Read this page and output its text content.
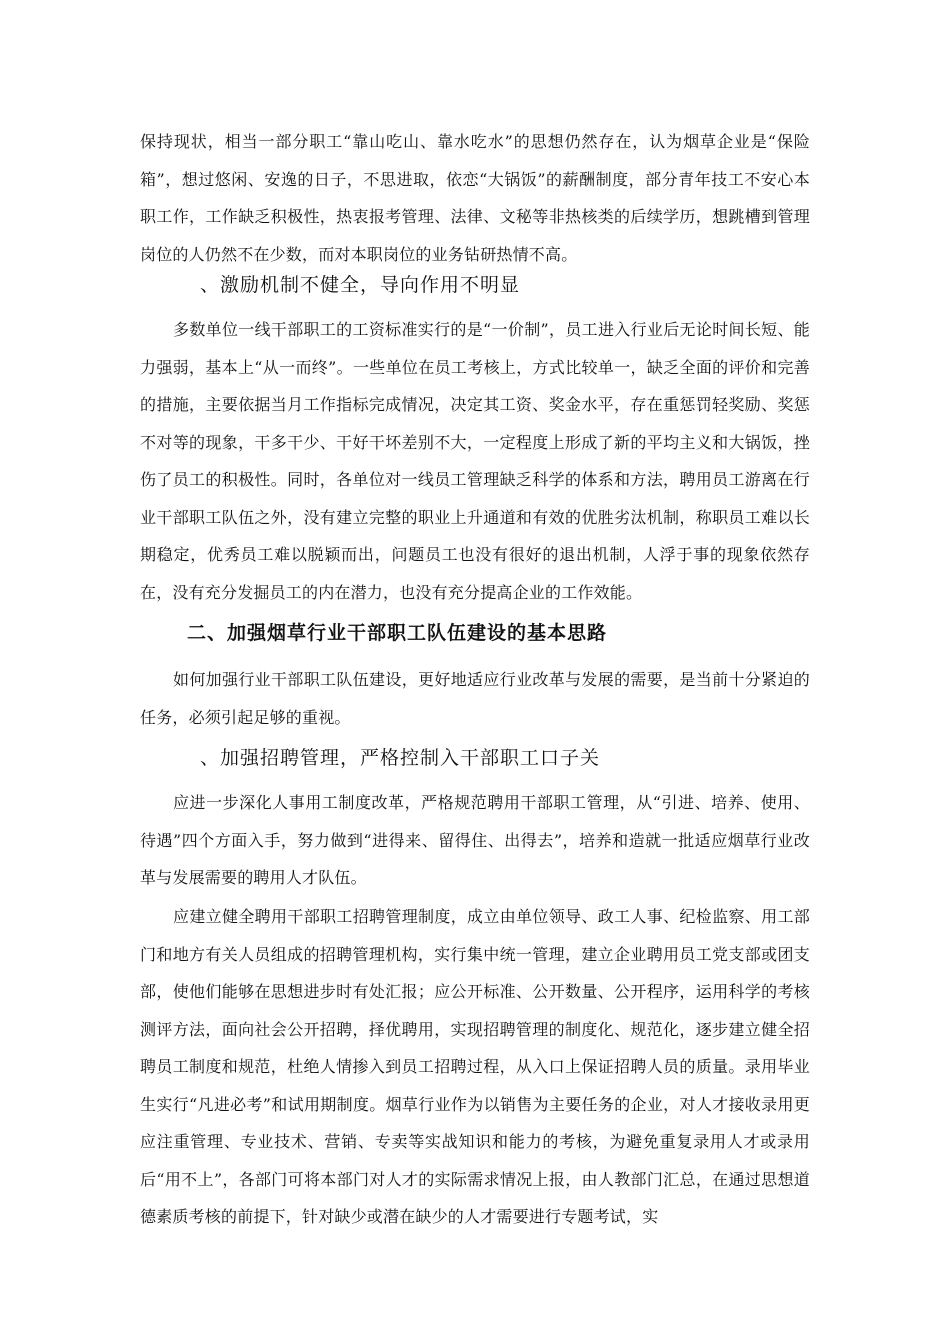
保持现状，相当一部分职工“靠山吃山、靠水吃水”的思想仍然存在，认为烟草企业是“保险箱”，想过悠闲、安逸的日子，不思进取，依恋“大锅饭”的薪酬制度，部分青年技工不安心本职工作，工作缺乏积极性，热衷报考管理、法律、文秘等非热核类的后续学历，想跳槽到管理岗位的人仍然不在少数，而对本职岗位的业务钻研热情不高。

、激励机制不健全，导向作用不明显

多数单位一线干部职工的工资标准实行的是“一价制”，员工进入行业后无论时间长短、能力强弱，基本上“从一而终”。一些单位在员工考核上，方式比较单一，缺乏全面的评价和完善的措施，主要依据当月工作指标完成情况，决定其工资、奖金水平，存在重惩罚轻奖励、奖惩不对等的现象，干多干少、干好干坏差别不大，一定程度上形成了新的平均主义和大锅饭，挫伤了员工的积极性。同时，各单位对一线员工管理缺乏科学的体系和方法，聘用员工游离在行业干部职工队伍之外，没有建立完整的职业上升通道和有效的优胜劣汰机制，称职员工难以长期稳定，优秀员工难以脱颖而出，问题员工也没有很好的退出机制，人浮于事的现象依然存在，没有充分发掘员工的内在潜力，也没有充分提高企业的工作效能。

二、加强烟草行业干部职工队伍建设的基本思路

如何加强行业干部职工队伍建设，更好地适应行业改革与发展的需要，是当前十分紧迫的任务，必须引起足够的重视。

、加强招聘管理，严格控制入干部职工口子关

应进一步深化人事用工制度改革，严格规范聘用干部职工管理，从“引进、培养、使用、待遇”四个方面入手，努力做到“进得来、留得住、出得去”，培养和造就一批适应烟草行业改革与发展需要的聘用人才队伍。

应建立健全聘用干部职工招聘管理制度，成立由单位领导、政工人事、纪检监察、用工部门和地方有关人员组成的招聘管理机构，实行集中统一管理，建立企业聘用员工党支部或团支部，使他们能够在思想进步时有处汇报；应公开标准、公开数量、公开程序，运用科学的考核测评方法，面向社会公开招聘，择优聘用，实现招聘管理的制度化、规范化，逐步建立健全招聘员工制度和规范，杜绝人情掺入到员工招聘过程，从入口上保证招聘人员的质量。录用毕业生实行“凡进必考”和试用期制度。烟草行业作为以销售为主要任务的企业，对人才接收录用更应注重管理、专业技术、营销、专卖等实战知识和能力的考核，为避免重复录用人才或录用后“用不上”，各部门可将本部门对人才的实际需求情况上报，由人教部门汇总，在通过思想道德素质考核的前提下，针对缺少或潜在缺少的人才需要进行专题考试，实
